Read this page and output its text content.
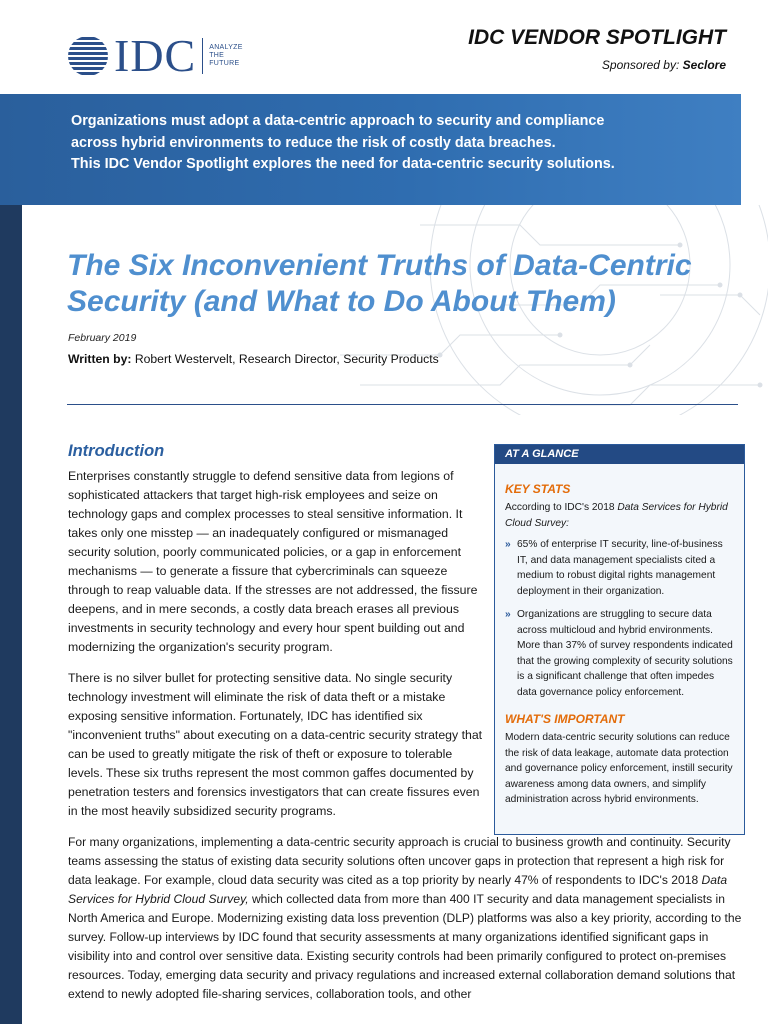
IDC ANALYZE
THE
FUTURE
IDC VENDOR SPOTLIGHT
Sponsored by: Seclore
Organizations must adopt a data-centric approach to security and compliance
across hybrid environments to reduce the risk of costly data breaches.
This IDC Vendor Spotlight explores the need for data-centric security solutions.
The Six Inconvenient Truths of Data-Centric
Security (and What to Do About Them)
February 2019
Written by: Robert Westervelt, Research Director, Security Products
Introduction

Enterprises constantly struggle to defend sensitive data from legions of sophisticated attackers that target high-risk employees and seize on technology gaps and complex processes to steal sensitive information. It takes only one misstep — an inadequately configured or mismanaged security solution, poorly communicated policies, or a gap in enforcement mechanisms — to generate a fissure that cybercriminals can squeeze through to reap valuable data. If the stresses are not addressed, the fissure deepens, and in mere seconds, a costly data breach erases all previous investments in security technology and every hour spent building out and modernizing the organization's security program.

There is no silver bullet for protecting sensitive data. No single security technology investment will eliminate the risk of data theft or a mistake exposing sensitive information. Fortunately, IDC has identified six "inconvenient truths" about executing on a data-centric security strategy that can be used to greatly mitigate the risk of theft or exposure to tolerable levels. These six truths represent the most common gaffes documented by penetration testers and forensics investigators that can create fissures even in the most heavily subsidized security programs.

For many organizations, implementing a data-centric security approach is crucial to business growth and continuity. Security teams assessing the status of existing data security solutions often uncover gaps in protection that represent a high risk for data leakage. For example, cloud data security was cited as a top priority by nearly 47% of respondents to IDC's 2018 Data Services for Hybrid Cloud Survey, which collected data from more than 400 IT security and data management specialists in North America and Europe. Modernizing existing data loss prevention (DLP) platforms was also a key priority, according to the survey. Follow-up interviews by IDC found that security assessments at many organizations identified significant gaps in visibility into and control over sensitive data. Existing security controls had been primarily configured to protect on-premises resources. Today, emerging data security and privacy regulations and increased external collaboration demand solutions that extend to newly adopted file-sharing services, collaboration tools, and other

AT A GLANCE
KEY STATS
According to IDC's 2018 Data Services for Hybrid Cloud Survey:
» 65% of enterprise IT security, line-of-business IT, and data management specialists cited a medium to robust digital rights management deployment in their organization.
» Organizations are struggling to secure data across multicloud and hybrid environments. More than 37% of survey respondents indicated that the growing complexity of security solutions is a significant challenge that often impedes data governance policy enforcement.
WHAT'S IMPORTANT
Modern data-centric security solutions can reduce the risk of data leakage, automate data protection and governance policy enforcement, instill security awareness among data owners, and simplify administration across hybrid environments.
